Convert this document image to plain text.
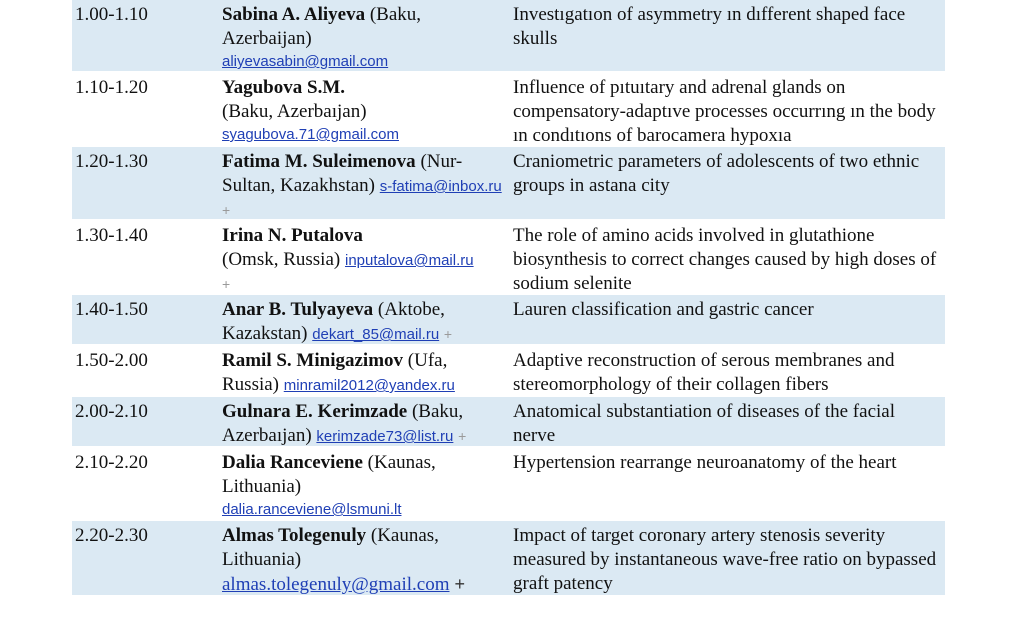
1.00-1.10	Sabina A. Aliyeva (Baku, Azerbaijan)
aliyevasabin@gmail.com
Investıgatıon of asymmetry ın dıfferent shaped face skulls
1.10-1.20	Yagubova S.M.
(Baku, Azerbaıjan)
syagubova.71@gmail.com
Influence of pıtuıtary and adrenal glands on compensatory-adaptıve processes occurrıng ın the body ın condıtıons of barocamera hypoxıa
1.20-1.30	Fatima M. Suleimenova (Nur-Sultan, Kazakhstan) s-fatima@inbox.ru +
Craniometric parameters of adolescents of two ethnic groups in astana city
1.30-1.40	Irina N. Putalova
(Omsk, Russia) inputalova@mail.ru
+
The role of amino acids involved in glutathione biosynthesis to correct changes caused by high doses of sodium selenite
1.40-1.50	Anar B. Tulyayeva (Aktobe, Kazakstan) dekart_85@mail.ru +
Lauren classification and gastric cancer
1.50-2.00	Ramil S. Minigazimov (Ufa, Russia) minramil2012@yandex.ru
Adaptive reconstruction of serous membranes and stereomorphology of their collagen fibers
2.00-2.10	Gulnara E. Kerimzade (Baku, Azerbaıjan) kerimzade73@list.ru +
Anatomical substantiation of diseases of the facial nerve
2.10-2.20	Dalia Ranceviene (Kaunas, Lithuania)
dalia.ranceviene@lsmuni.lt
Hypertension rearrange neuroanatomy of the heart
2.20-2.30	Almas Tolegenuly (Kaunas, Lithuania)
almas.tolegenuly@gmail.com +
Impact of target coronary artery stenosis severity measured by instantaneous wave-free ratio on bypassed graft patency
